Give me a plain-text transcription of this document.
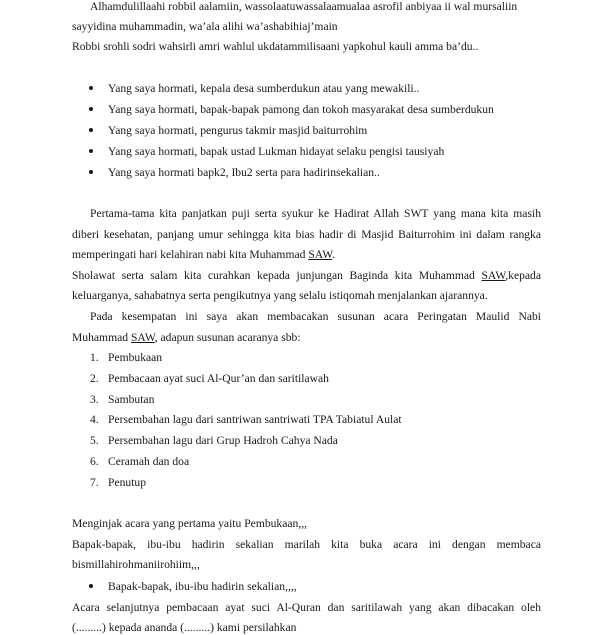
Alhamdulillaahi robbil aalamiin, wassolaatuwassalaamualaa asrofil anbiyaa ii wal mursaliin
sayyidina muhammadin, wa’ala alihi wa’ashabihiaj’main
Robbi srohli sodri wahsirli amri wahlul ukdatammilisaani yapkohul kauli amma ba’du..
Yang saya hormati, kepala desa sumberdukun atau yang mewakili..
Yang saya hormati, bapak-bapak pamong dan tokoh masyarakat desa sumberdukun
Yang saya hormati, pengurus takmir masjid baiturrohim
Yang saya hormati, bapak ustad Lukman hidayat selaku pengisi tausiyah
Yang saya hormati bapk2, Ibu2 serta para hadirinsekalian..
Pertama-tama kita panjatkan puji serta syukur ke Hadirat Allah SWT yang mana kita masih
diberi kesehatan, panjang umur sehingga kita bias hadir di Masjid Baiturrohim ini dalam rangka
memperingati hari kelahiran nabi kita Muhammad SAW.
Sholawat serta salam kita curahkan kepada junjungan Baginda kita Muhammad SAW,kepada
keluarganya, sahabatnya serta pengikutnya yang selalu istiqomah menjalankan ajarannya.
Pada kesempatan ini saya akan membacakan susunan acara Peringatan Maulid Nabi
Muhammad SAW, adapun susunan acaranya sbb:
1. Pembukaan
2. Pembacaan ayat suci Al-Qur’an dan saritilawah
3. Sambutan
4. Persembahan lagu dari santriwan santriwati TPA Tabiatul Aulat
5. Persembahan lagu dari Grup Hadroh Cahya Nada
6. Ceramah dan doa
7. Penutup
Menginjak acara yang pertama yaitu Pembukaan,,,
Bapak-bapak, ibu-ibu hadirin sekalian marilah kita buka acara ini dengan membaca
bismillahirohmaniirohiim,,,
Bapak-bapak, ibu-ibu hadirin sekalian,,,,
Acara selanjutnya pembacaan ayat suci Al-Quran dan saritilawah yang akan dibacakan oleh
(.........) kepada ananda (.........) kami persilahkan
